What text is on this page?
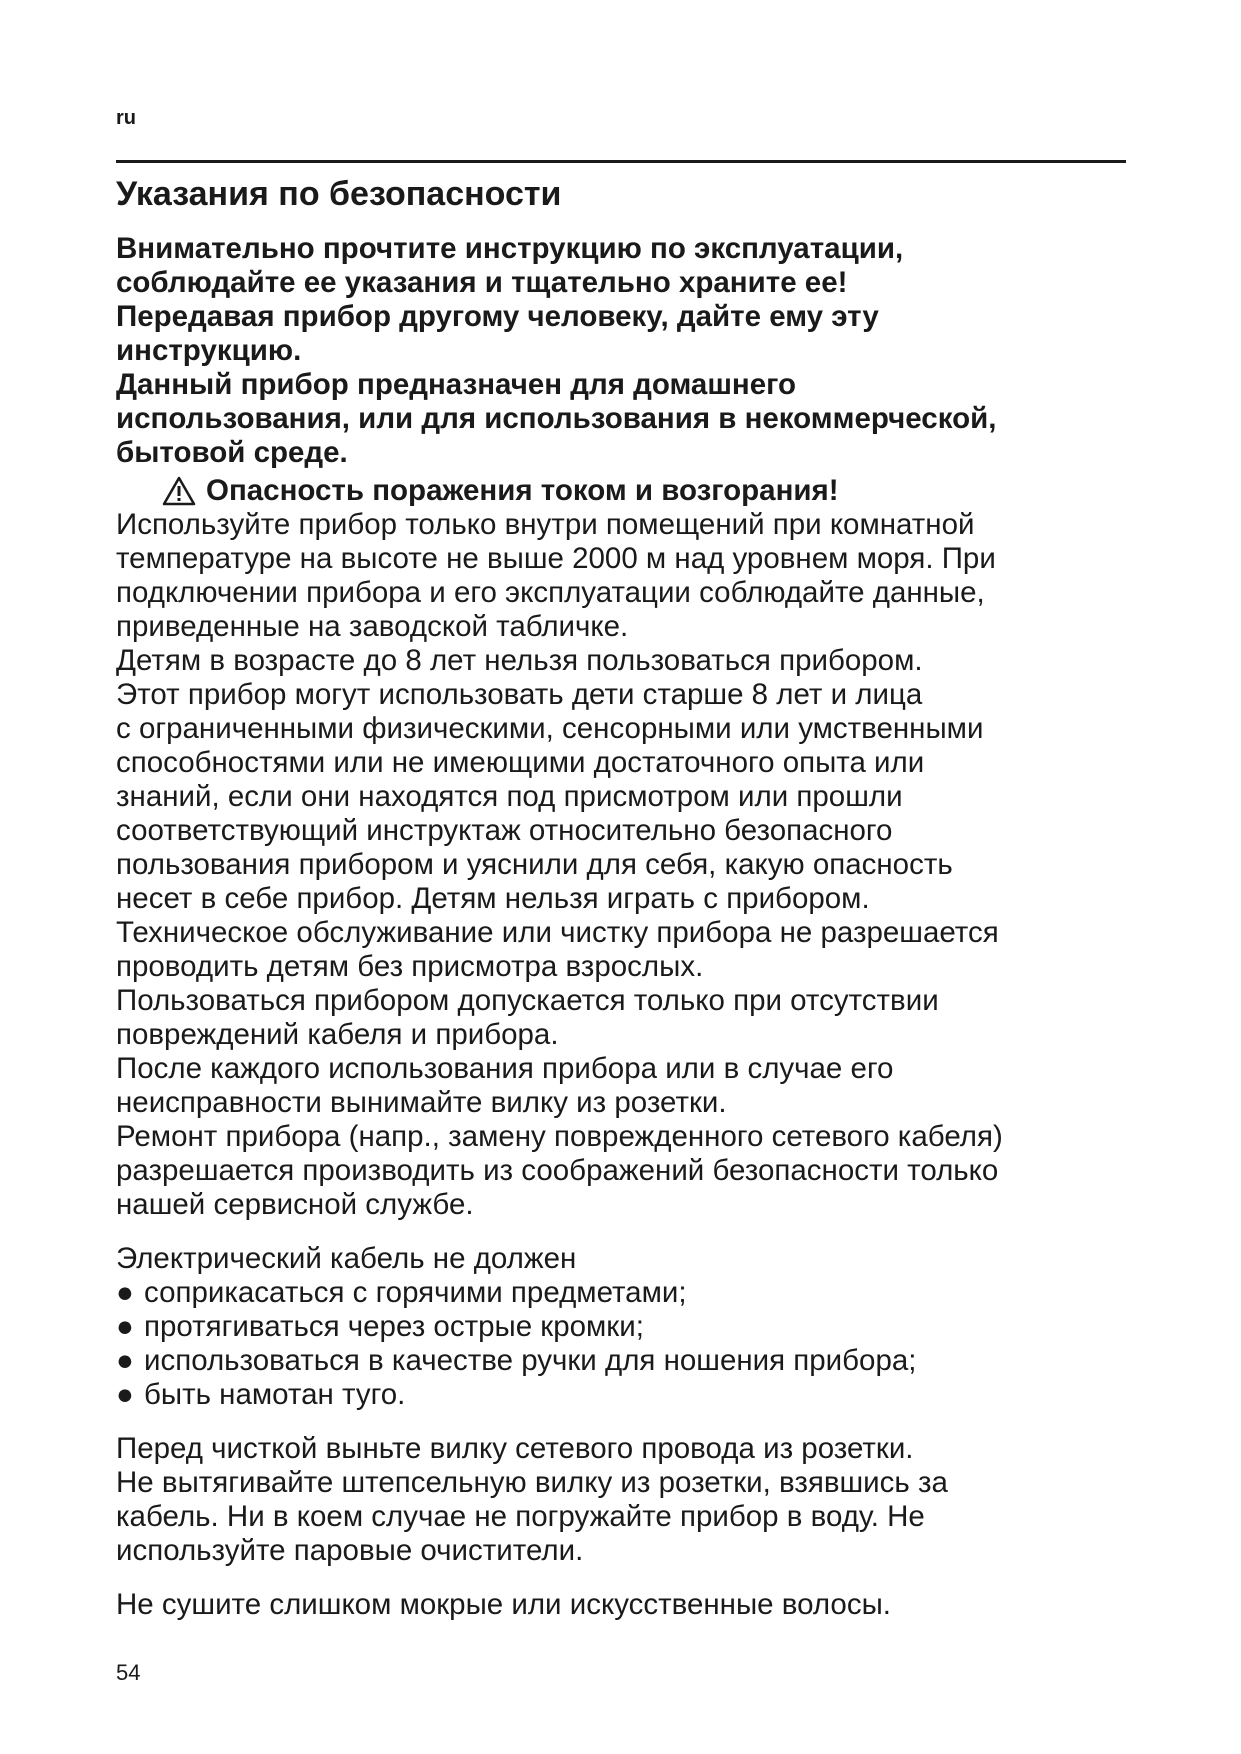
ru
Указания по безопасности
Внимательно прочтите инструкцию по эксплуатации,
соблюдайте ее указания и тщательно храните ее!
Передавая прибор другому человеку, дайте ему эту
инструкцию.
Данный прибор предназначен для домашнего
использования, или для использования в некоммерческой,
бытовой среде.
Опасность поражения током и возгорания!
Используйте прибор только внутри помещений при комнатной
температуре на высоте не выше 2000 м над уровнем моря. При
подключении прибора и его эксплуатации соблюдайте данные,
приведенные на заводской табличке.
Детям в возрасте до 8 лет нельзя пользоваться прибором.
Этот прибор могут использовать дети старше 8 лет и лица
с ограниченными физическими, сенсорными или умственными
способностями или не имеющими достаточного опыта или
знаний, если они находятся под присмотром или прошли
соответствующий инструктаж относительно безопасного
пользования прибором и уяснили для себя, какую опасность
несет в себе прибор. Детям нельзя играть с прибором.
Техническое обслуживание или чистку прибора не разрешается
проводить детям без присмотра взрослых.
Пользоваться прибором допускается только при отсутствии
повреждений кабеля и прибора.
После каждого использования прибора или в случае его
неисправности вынимайте вилку из розетки.
Ремонт прибора (напр., замену поврежденного сетевого кабеля)
разрешается производить из соображений безопасности только
нашей сервисной службе.
Электрический кабель не должен
● соприкасаться с горячими предметами;
● протягиваться через острые кромки;
● использоваться в качестве ручки для ношения прибора;
● быть намотан туго.
Перед чисткой выньте вилку сетевого провода из розетки.
Не вытягивайте штепсельную вилку из розетки, взявшись за
кабель. Ни в коем случае не погружайте прибор в воду. Не
используйте паровые очистители.
Не сушите слишком мокрые или искусственные волосы.
54
